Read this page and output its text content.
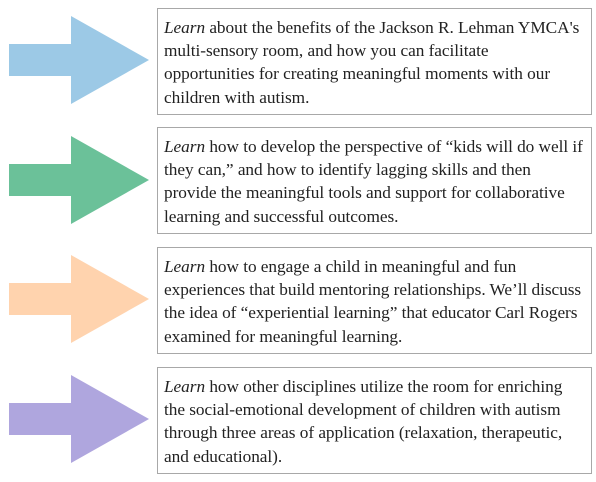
Learn about the benefits of the Jackson R. Lehman YMCA's multi-sensory room, and how you can facilitate opportunities for creating meaningful moments with our children with autism.
Learn how to develop the perspective of “kids will do well if they can,” and how to identify lagging skills and then provide the meaningful tools and support for collaborative learning and successful outcomes.
Learn how to engage a child in meaningful and fun experiences that build mentoring relationships. We’ll discuss the idea of “experiential learning” that educator Carl Rogers examined for meaningful learning.
Learn how other disciplines utilize the room for enriching the social-emotional development of children with autism through three areas of application (relaxation, therapeutic, and educational).
